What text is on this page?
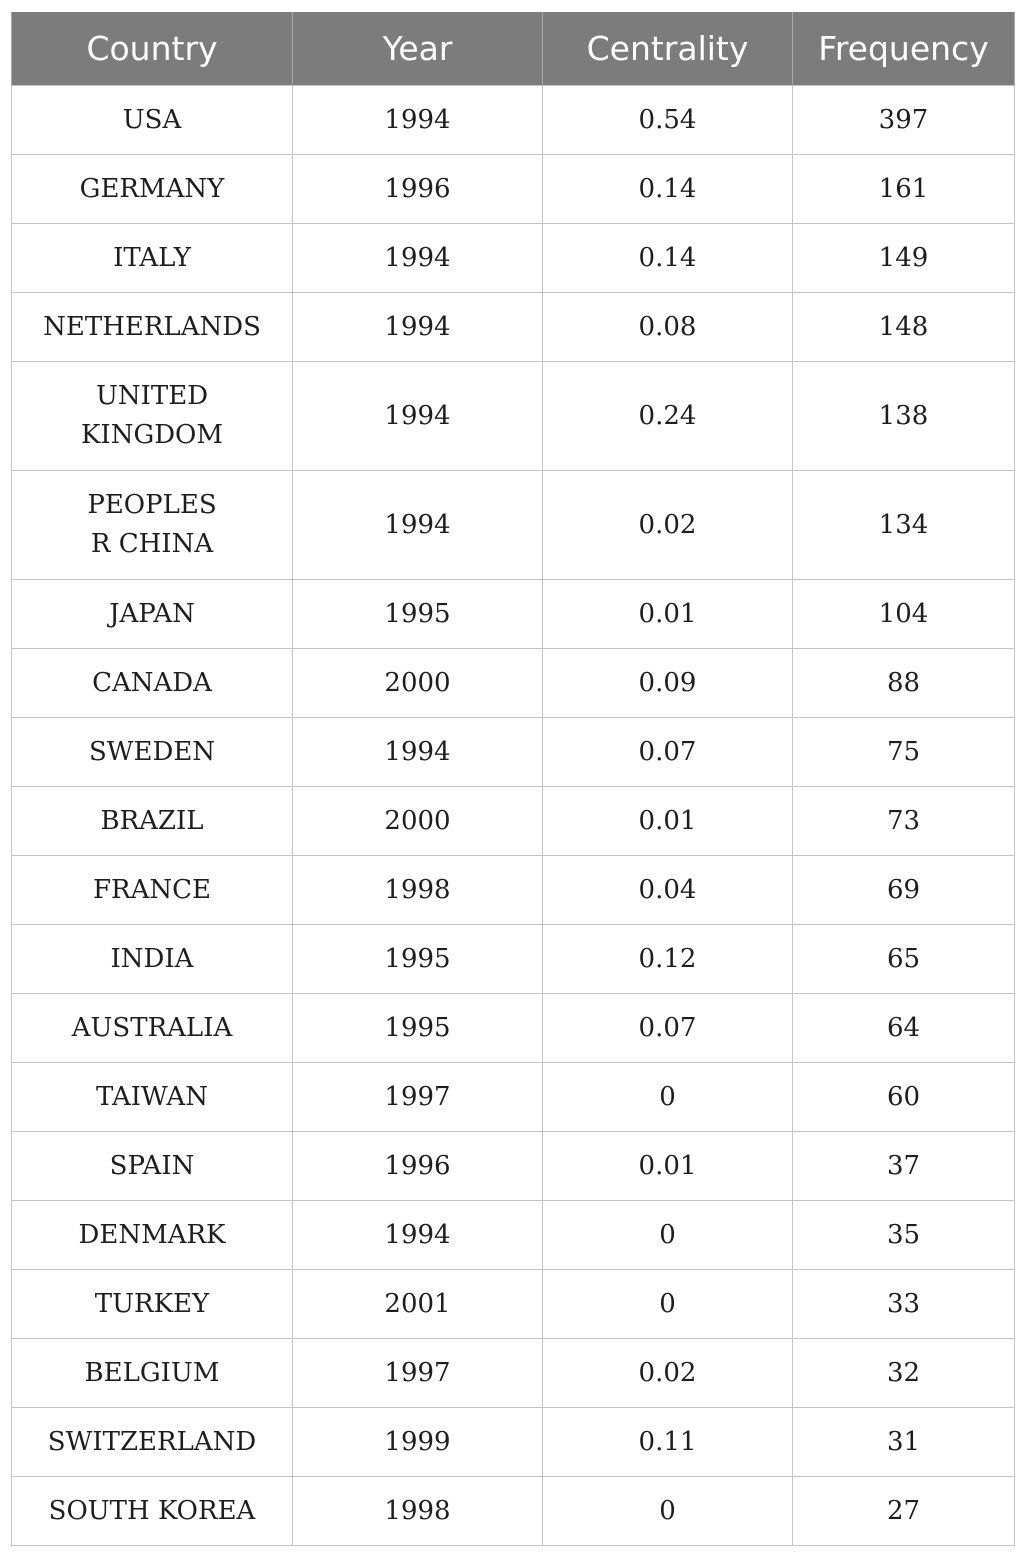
Country	Year	Centrality	Frequency
USA	1994	0.54	397
GERMANY	1996	0.14	161
ITALY	1994	0.14	149
NETHERLANDS	1994	0.08	148
UNITED
KINGDOM	1994	0.24	138
PEOPLES
R CHINA	1994	0.02	134
JAPAN	1995	0.01	104
CANADA	2000	0.09	88
SWEDEN	1994	0.07	75
BRAZIL	2000	0.01	73
FRANCE	1998	0.04	69
INDIA	1995	0.12	65
AUSTRALIA	1995	0.07	64
TAIWAN	1997	0	60
SPAIN	1996	0.01	37
DENMARK	1994	0	35
TURKEY	2001	0	33
BELGIUM	1997	0.02	32
SWITZERLAND	1999	0.11	31
SOUTH KOREA	1998	0	27
